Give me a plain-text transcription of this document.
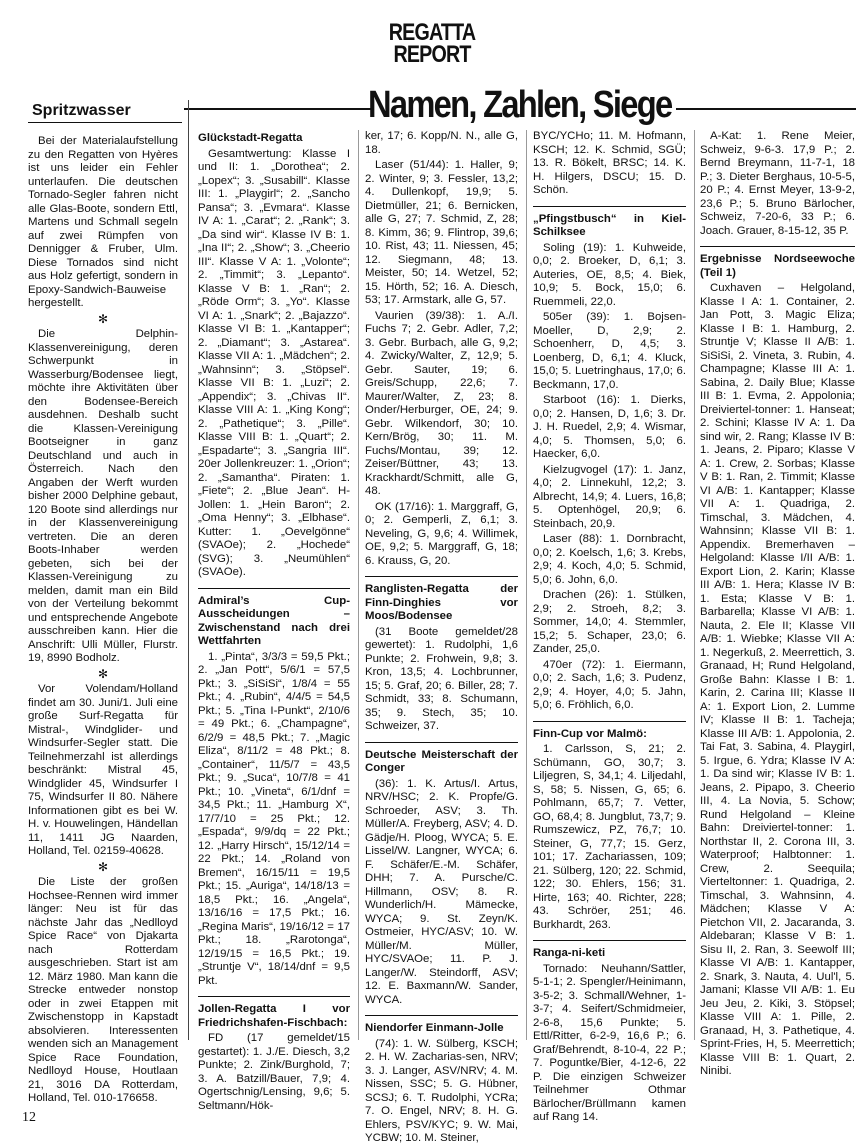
REGATTA
REPORT
Namen, Zahlen, Siege
Spritzwasser

Bei der Materialaufstellung zu den Regatten von Hyères ist uns leider ein Fehler unterlaufen. Die deutschen Tornado-Segler fahren nicht alle Glas-Boote, sondern Ettl, Martens und Schmall segeln auf zwei Rümpfen von Dennigger & Fruber, Ulm. Diese Tornados sind nicht aus Holz gefertigt, sondern in Epoxy-Sandwich-Bauweise hergestellt.

✻

Die Delphin-Klassenvereinigung, deren Schwerpunkt in Wasserburg/Bodensee liegt, möchte ihre Aktivitäten über den Bodensee-Bereich ausdehnen. Deshalb sucht die Klassen-Vereinigung Bootseigner in ganz Deutschland und auch in Österreich. Nach den Angaben der Werft wurden bisher 2000 Delphine gebaut, 120 Boote sind allerdings nur in der Klassenvereinigung vertreten. Die an deren Boots-Inhaber werden gebeten, sich bei der Klassen-Vereinigung zu melden, damit man ein Bild von der Verteilung bekommt und entsprechende Angebote ausschreiben kann. Hier die Anschrift: Ulli Müller, Flurstr. 19, 8990 Bodholz.

✻

Vor Volendam/Holland findet am 30. Juni/1. Juli eine große Surf-Regatta für Mistral-, Windglider- und Windsurfer-Segler statt. Die Teilnehmerzahl ist allerdings beschränkt: Mistral 45, Windglider 45, Windsurfer I 75, Windsurfer II 80. Nähere Informationen gibt es bei W. H. v. Houwelingen, Händellan 11, 1411 JG Naarden, Holland, Tel. 02159-40628.

✻

Die Liste der großen Hochsee-Rennen wird immer länger: Neu ist für das nächste Jahr das „Nedlloyd Spice Race“ von Djakarta nach Rotterdam ausgeschrieben. Start ist am 12. März 1980. Man kann die Strecke entweder nonstop oder in zwei Etappen mit Zwischenstopp in Kapstadt absolvieren. Interessenten wenden sich an Management Spice Race Foundation, Nedlloyd House, Houtlaan 21, 3016 DA Rotterdam, Holland, Tel. 010-176658.

Glückstadt-Regatta

Gesamtwertung: Klasse I und II: 1. „Dorothea“; 2. „Lopex“; 3. „Susabill“. Klasse III: 1. „Playgirl“; 2. „Sancho Pansa“; 3. „Evmara“. Klasse IV A: 1. „Carat“; 2. „Rank“; 3. „Da sind wir“. Klasse IV B: 1. „Ina II“; 2. „Show“; 3. „Cheerio III“. Klasse V A: 1. „Volonte“; 2. „Timmit“; 3. „Lepanto“. Klasse V B: 1. „Ran“; 2. „Röde Orm“; 3. „Yo“. Klasse VI A: 1. „Snark“; 2. „Bajazzo“. Klasse VI B: 1. „Kantapper“; 2. „Diamant“; 3. „Astarea“. Klasse VII A: 1. „Mädchen“; 2. „Wahnsinn“; 3. „Stöpsel“. Klasse VII B: 1. „Luzi“; 2. „Appendix“; 3. „Chivas II“. Klasse VIII A: 1. „King Kong“; 2. „Pathetique“; 3. „Pille“. Klasse VIII B: 1. „Quart“; 2. „Espadarte“; 3. „Sangria III“. 20er Jollenkreuzer: 1. „Orion“; 2. „Samantha“. Piraten: 1. „Fiete“; 2. „Blue Jean“. H-Jollen: 1. „Hein Baron“; 2. „Oma Henny“; 3. „Elbhase“. Kutter: 1. „Oevelgönne“ (SVAOe); 2. „Hochede“ (SVG); 3. „Neumühlen“ (SVAOe).

Admiral’s Cup-Ausscheidungen – Zwischenstand nach drei Wettfahrten

1. „Pinta“, 3/3/3 = 59,5 Pkt.; 2. „Jan Pott“, 5/6/1 = 57,5 Pkt.; 3. „SiSiSi“, 1/8/4 = 55 Pkt.; 4. „Rubin“, 4/4/5 = 54,5 Pkt.; 5. „Tina I-Punkt“, 2/10/6 = 49 Pkt.; 6. „Champagne“, 6/2/9 = 48,5 Pkt.; 7. „Magic Eliza“, 8/11/2 = 48 Pkt.; 8. „Container“, 11/5/7 = 43,5 Pkt.; 9. „Suca“, 10/7/8 = 41 Pkt.; 10. „Vineta“, 6/1/dnf = 34,5 Pkt.; 11. „Hamburg X“, 17/7/10 = 25 Pkt.; 12. „Espada“, 9/9/dq = 22 Pkt.; 12. „Harry Hirsch“, 15/12/14 = 22 Pkt.; 14. „Roland von Bremen“, 16/15/11 = 19,5 Pkt.; 15. „Auriga“, 14/18/13 = 18,5 Pkt.; 16. „Angela“, 13/16/16 = 17,5 Pkt.; 16. „Regina Maris“, 19/16/12 = 17 Pkt.; 18. „Rarotonga“, 12/19/15 = 16,5 Pkt.; 19. „Struntje V“, 18/14/dnf = 9,5 Pkt.

Jollen-Regatta I vor Friedrichshafen-Fischbach:

FD (17 gemeldet/15 gestartet): 1. J./E. Diesch, 3,2 Punkte; 2. Zink/Burghold, 7; 3. A. Batzill/Bauer, 7,9; 4. Ogertschnig/Lensing, 9,6; 5. Seltmann/Hök-

ker, 17; 6. Kopp/N. N., alle G, 18.

Laser (51/44): 1. Haller, 9; 2. Winter, 9; 3. Fessler, 13,2; 4. Dullenkopf, 19,9; 5. Dietmüller, 21; 6. Bernicken, alle G, 27; 7. Schmid, Z, 28; 8. Kimm, 36; 9. Flintrop, 39,6; 10. Rist, 43; 11. Niessen, 45; 12. Siegmann, 48; 13. Meister, 50; 14. Wetzel, 52; 15. Hörth, 52; 16. A. Diesch, 53; 17. Armstark, alle G, 57.

Vaurien (39/38): 1. A./I. Fuchs 7; 2. Gebr. Adler, 7,2; 3. Gebr. Burbach, alle G, 9,2; 4. Zwicky/Walter, Z, 12,9; 5. Gebr. Sauter, 19; 6. Greis/Schupp, 22,6; 7. Maurer/Walter, Z, 23; 8. Onder/Herburger, OE, 24; 9. Gebr. Wilkendorf, 30; 10. Kern/Brög, 30; 11. M. Fuchs/Montau, 39; 12. Zeiser/Büttner, 43; 13. Krackhardt/Schmitt, alle G, 48.

OK (17/16): 1. Marggraff, G, 0; 2. Gemperli, Z, 6,1; 3. Neveling, G, 9,6; 4. Willimek, OE, 9,2; 5. Marggraff, G, 18; 6. Krauss, G, 20.

Ranglisten-Regatta der Finn-Dinghies vor Moos/Bodensee

(31 Boote gemeldet/28 gewertet): 1. Rudolphi, 1,6 Punkte; 2. Frohwein, 9,8; 3. Kron, 13,5; 4. Lochbrunner, 15; 5. Graf, 20; 6. Biller, 28; 7. Schmidt, 33; 8. Schumann, 35; 9. Stech, 35; 10. Schweizer, 37.

Deutsche Meisterschaft der Conger

(36): 1. K. Artus/I. Artus, NRV/HSC; 2. K. Propfe/G. Schroeder, ASV; 3. Th. Müller/A. Freyberg, ASV; 4. D. Gädje/H. Ploog, WYCA; 5. E. Lissel/W. Langner, WYCA; 6. F. Schäfer/E.-M. Schäfer, DHH; 7. A. Pursche/C. Hillmann, OSV; 8. R. Wunderlich/H. Mämecke, WYCA; 9. St. Zeyn/K. Ostmeier, HYC/ASV; 10. W. Müller/M. Müller, HYC/SVAOe; 11. P. J. Langer/W. Steindorff, ASV; 12. E. Baxmann/W. Sander, WYCA.

Niendorfer Einmann-Jolle

(74): 1. W. Sülberg, KSCH; 2. H. W. Zacharias-sen, NRV; 3. J. Langer, ASV/NRV; 4. M. Nissen, SSC; 5. G. Hübner, SCSJ; 6. T. Rudolphi, YCRa; 7. O. Engel, NRV; 8. H. G. Ehlers, PSV/KYC; 9. W. Mai, YCBW; 10. M. Steiner,

BYC/YCHo; 11. M. Hofmann, KSCH; 12. K. Schmid, SGÜ; 13. R. Bökelt, BRSC; 14. K. H. Hilgers, DSCU; 15. D. Schön.

„Pfingstbusch“ in Kiel-Schilksee

Soling (19): 1. Kuhweide, 0,0; 2. Broeker, D, 6,1; 3. Auteries, OE, 8,5; 4. Biek, 10,9; 5. Bock, 15,0; 6. Ruemmeli, 22,0.

505er (39): 1. Bojsen-Moeller, D, 2,9; 2. Schoenherr, D, 4,5; 3. Loenberg, D, 6,1; 4. Kluck, 15,0; 5. Luetringhaus, 17,0; 6. Beckmann, 17,0.

Starboot (16): 1. Dierks, 0,0; 2. Hansen, D, 1,6; 3. Dr. J. H. Ruedel, 2,9; 4. Wismar, 4,0; 5. Thomsen, 5,0; 6. Haecker, 6,0.

Kielzugvogel (17): 1. Janz, 4,0; 2. Linnekuhl, 12,2; 3. Albrecht, 14,9; 4. Luers, 16,8; 5. Optenhögel, 20,9; 6. Steinbach, 20,9.

Laser (88): 1. Dornbracht, 0,0; 2. Koelsch, 1,6; 3. Krebs, 2,9; 4. Koch, 4,0; 5. Schmid, 5,0; 6. John, 6,0.

Drachen (26): 1. Stülken, 2,9; 2. Stroeh, 8,2; 3. Sommer, 14,0; 4. Stemmler, 15,2; 5. Schaper, 23,0; 6. Zander, 25,0.

470er (72): 1. Eiermann, 0,0; 2. Sach, 1,6; 3. Pudenz, 2,9; 4. Hoyer, 4,0; 5. Jahn, 5,0; 6. Fröhlich, 6,0.

Finn-Cup vor Malmö:

1. Carlsson, S, 21; 2. Schümann, GO, 30,7; 3. Liljegren, S, 34,1; 4. Liljedahl, S, 58; 5. Nissen, G, 65; 6. Pohlmann, 65,7; 7. Vetter, GO, 68,4; 8. Jungblut, 73,7; 9. Rumszewicz, PZ, 76,7; 10. Steiner, G, 77,7; 15. Gerz, 101; 17. Zachariassen, 109; 21. Sülberg, 120; 22. Schmid, 122; 30. Ehlers, 156; 31. Hirte, 163; 40. Richter, 228; 43. Schröer, 251; 46. Burkhardt, 263.

Ranga-ni-keti

Tornado: Neuhann/Sattler, 5-1-1; 2. Spengler/Heinimann, 3-5-2; 3. Schmall/Wehner, 1-3-7; 4. Seifert/Schmidmeier, 2-6-8, 15,6 Punkte; 5. Ettl/Ritter, 6-2-9, 16,6 P.; 6. Graf/Behrendt, 8-10-4, 22 P.; 7. Poguntke/Bier, 4-12-6, 22 P. Die einzigen Schweizer Teilnehmer Othmar Bärlocher/Brüllmann kamen auf Rang 14.

A-Kat: 1. Rene Meier, Schweiz, 9-6-3. 17,9 P.; 2. Bernd Breymann, 11-7-1, 18 P.; 3. Dieter Berghaus, 10-5-5, 20 P.; 4. Ernst Meyer, 13-9-2, 23,6 P.; 5. Bruno Bärlocher, Schweiz, 7-20-6, 33 P.; 6. Joach. Grauer, 8-15-12, 35 P.

Ergebnisse Nordseewoche (Teil 1)

Cuxhaven – Helgoland, Klasse I A: 1. Container, 2. Jan Pott, 3. Magic Eliza; Klasse I B: 1. Hamburg, 2. Struntje V; Klasse II A/B: 1. SiSiSi, 2. Vineta, 3. Rubin, 4. Champagne; Klasse III A: 1. Sabina, 2. Daily Blue; Klasse III B: 1. Evma, 2. Appolonia; Dreiviertel-tonner: 1. Hanseat; 2. Schini; Klasse IV A: 1. Da sind wir, 2. Rang; Klasse IV B: 1. Jeans, 2. Piparo; Klasse V A: 1. Crew, 2. Sorbas; Klasse V B: 1. Ran, 2. Timmit; Klasse VI A/B: 1. Kantapper; Klasse VII A: 1. Quadriga, 2. Timschal, 3. Mädchen, 4. Wahnsinn; Klasse VII B: 1. Appendix. Bremerhaven – Helgoland: Klasse I/II A/B: 1. Export Lion, 2. Karin; Klasse III A/B: 1. Hera; Klasse IV B: 1. Esta; Klasse V B: 1. Barbarella; Klasse VI A/B: 1. Nauta, 2. Ele II; Klasse VII A/B: 1. Wiebke; Klasse VII A: 1. Negerkuß, 2. Meerrettich, 3. Granaad, H; Rund Helgoland, Große Bahn: Klasse I B: 1. Karin, 2. Carina III; Klasse II A: 1. Export Lion, 2. Lumme IV; Klasse II B: 1. Tacheja; Klasse III A/B: 1. Appolonia, 2. Tai Fat, 3. Sabina, 4. Playgirl, 5. Irgue, 6. Ydra; Klasse IV A: 1. Da sind wir; Klasse IV B: 1. Jeans, 2. Pipapo, 3. Cheerio III, 4. La Novia, 5. Schow; Rund Helgoland – Kleine Bahn: Dreiviertel-tonner: 1. Northstar II, 2. Corona III, 3. Waterproof; Halbtonner: 1. Crew, 2. Seequila; Vierteltonner: 1. Quadriga, 2. Timschal, 3. Wahnsinn, 4. Mädchen; Klasse V A: Pietchon VII, 2. Jacaranda, 3. Aldebaran; Klasse V B: 1. Sisu II, 2. Ran, 3. Seewolf III; Klasse VI A/B: 1. Kantapper, 2. Snark, 3. Nauta, 4. Uul'l, 5. Jamani; Klasse VII A/B: 1. Eu Jeu Jeu, 2. Kiki, 3. Stöpsel; Klasse VIII A: 1. Pille, 2. Granaad, H, 3. Pathetique, 4. Sprint-Fries, H, 5. Meerrettich; Klasse VIII B: 1. Quart, 2. Ninibi.

12
